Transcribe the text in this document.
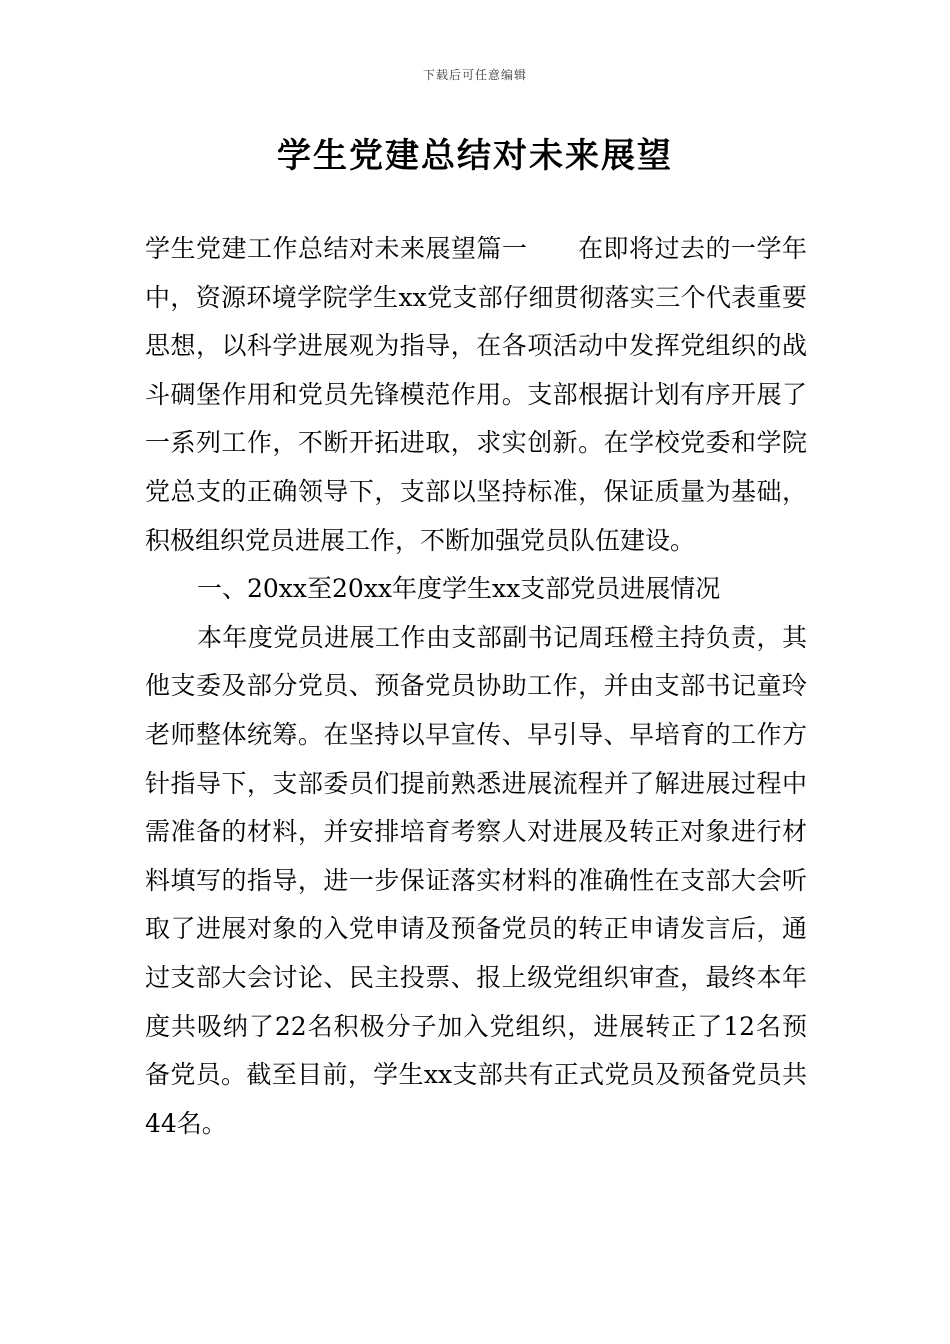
下载后可任意编辑
学生党建总结对未来展望

学生党建工作总结对未来展望篇一 在即将过去的一学年中，资源环境学院学生xx党支部仔细贯彻落实三个代表重要思想，以科学进展观为指导，在各项活动中发挥党组织的战斗碉堡作用和党员先锋模范作用。支部根据计划有序开展了一系列工作，不断开拓进取，求实创新。在学校党委和学院党总支的正确领导下，支部以坚持标准，保证质量为基础，积极组织党员进展工作，不断加强党员队伍建设。

一、20xx至20xx年度学生xx支部党员进展情况

本年度党员进展工作由支部副书记周珏橙主持负责，其他支委及部分党员、预备党员协助工作，并由支部书记童玲老师整体统筹。在坚持以早宣传、早引导、早培育的工作方针指导下，支部委员们提前熟悉进展流程并了解进展过程中需准备的材料，并安排培育考察人对进展及转正对象进行材料填写的指导，进一步保证落实材料的准确性在支部大会听取了进展对象的入党申请及预备党员的转正申请发言后，通过支部大会讨论、民主投票、报上级党组织审查，最终本年度共吸纳了22名积极分子加入党组织，进展转正了12名预备党员。截至目前，学生xx支部共有正式党员及预备党员共44名。
